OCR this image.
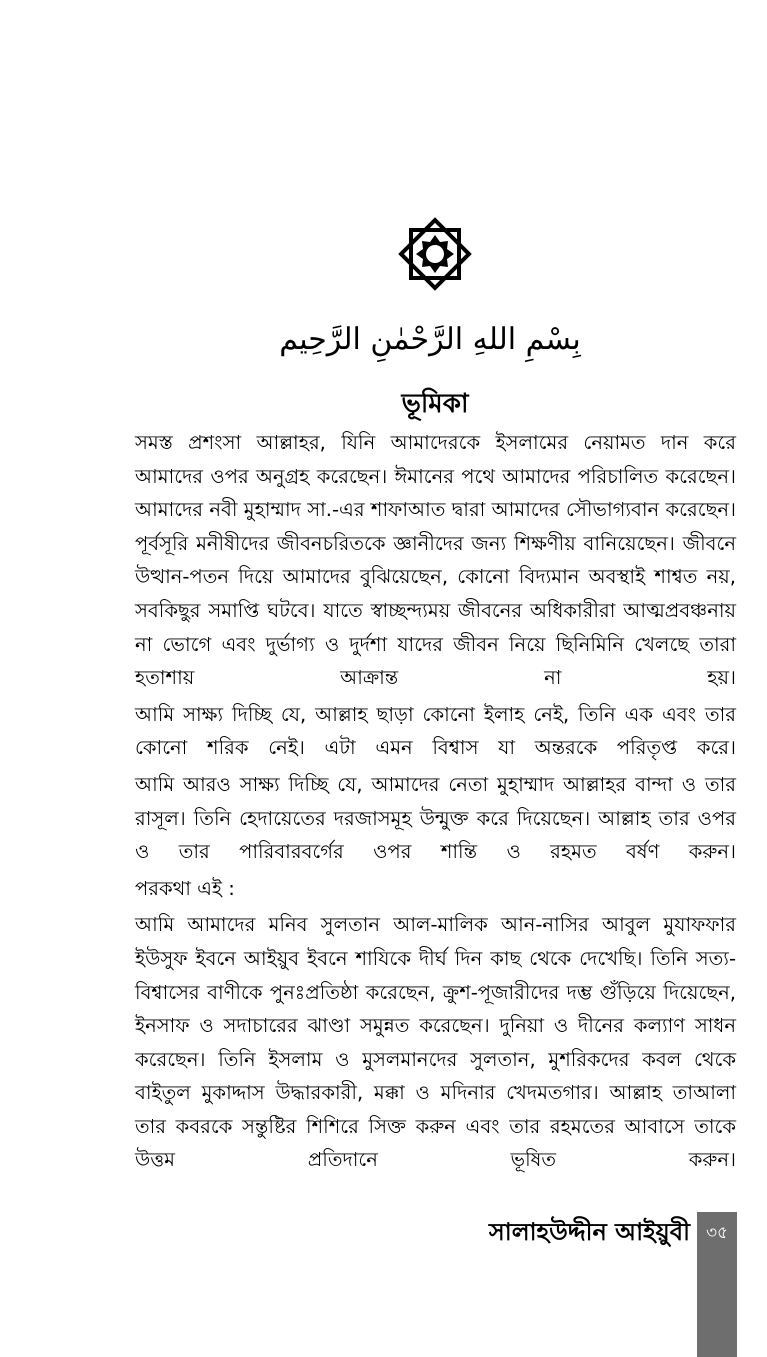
بِسْمِ اللهِ الرَّحْمٰنِ الرَّحِيم
ভূমিকা

সমস্ত প্রশংসা আল্লাহর, যিনি আমাদেরকে ইসলামের নেয়ামত দান করে আমাদের ওপর অনুগ্রহ করেছেন। ঈমানের পথে আমাদের পরিচালিত করেছেন। আমাদের নবী মুহাম্মাদ সা.-এর শাফাআত দ্বারা আমাদের সৌভাগ্যবান করেছেন। পূর্বসূরি মনীষীদের জীবনচরিতকে জ্ঞানীদের জন্য শিক্ষণীয় বানিয়েছেন। জীবনে উত্থান-পতন দিয়ে আমাদের বুঝিয়েছেন, কোনো বিদ্যমান অবস্থাই শাশ্বত নয়, সবকিছুর সমাপ্তি ঘটবে। যাতে স্বাচ্ছন্দ্যময় জীবনের অধিকারীরা আত্মপ্রবঞ্চনায় না ভোগে এবং দুর্ভাগ্য ও দুর্দশা যাদের জীবন নিয়ে ছিনিমিনি খেলছে তারা হতাশায় আক্রান্ত না হয়।

আমি সাক্ষ্য দিচ্ছি যে, আল্লাহ ছাড়া কোনো ইলাহ নেই, তিনি এক এবং তার কোনো শরিক নেই। এটা এমন বিশ্বাস যা অন্তরকে পরিতৃপ্ত করে।

আমি আরও সাক্ষ্য দিচ্ছি যে, আমাদের নেতা মুহাম্মাদ আল্লাহর বান্দা ও তার রাসূল। তিনি হেদায়েতের দরজাসমূহ উন্মুক্ত করে দিয়েছেন। আল্লাহ তার ওপর ও তার পারিবারবর্গের ওপর শান্তি ও রহমত বর্ষণ করুন।

পরকথা এই :

আমি আমাদের মনিব সুলতান আল-মালিক আন-নাসির আবুল মুযাফফার ইউসুফ ইবনে আইয়ুব ইবনে শাযিকে দীর্ঘ দিন কাছ থেকে দেখেছি। তিনি সত্য-বিশ্বাসের বাণীকে পুনঃপ্রতিষ্ঠা করেছেন, ক্রুশ-পূজারীদের দম্ভ গুঁড়িয়ে দিয়েছেন, ইনসাফ ও সদাচারের ঝাণ্ডা সমুন্নত করেছেন। দুনিয়া ও দীনের কল্যাণ সাধন করেছেন। তিনি ইসলাম ও মুসলমানদের সুলতান, মুশরিকদের কবল থেকে বাইতুল মুকাদ্দাস উদ্ধারকারী, মক্কা ও মদিনার খেদমতগার। আল্লাহ তাআলা তার কবরকে সন্তুষ্টির শিশিরে সিক্ত করুন এবং তার রহমতের আবাসে তাকে উত্তম প্রতিদানে ভূষিত করুন।

সালাহউদ্দীন আইয়ুবী ৩৫
